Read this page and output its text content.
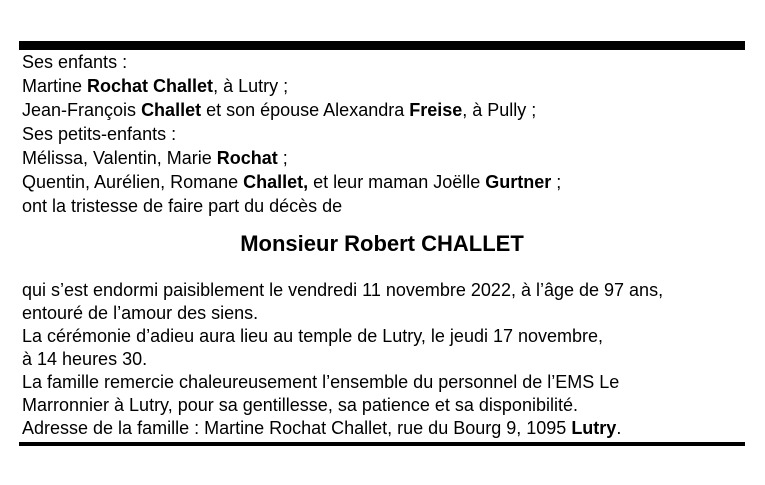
Ses enfants :
Martine Rochat Challet, à Lutry ;
Jean-François Challet et son épouse Alexandra Freise, à Pully ;
Ses petits-enfants :
Mélissa, Valentin, Marie Rochat ;
Quentin, Aurélien, Romane Challet, et leur maman Joëlle Gurtner ;
ont la tristesse de faire part du décès de
Monsieur Robert CHALLET
qui s’est endormi paisiblement le vendredi 11 novembre 2022, à l’âge de 97 ans,
entouré de l’amour des siens.
La cérémonie d’adieu aura lieu au temple de Lutry, le jeudi 17 novembre,
à 14 heures 30.
La famille remercie chaleureusement l’ensemble du personnel de l’EMS Le
Marronnier à Lutry, pour sa gentillesse, sa patience et sa disponibilité.
Adresse de la famille : Martine Rochat Challet, rue du Bourg 9, 1095 Lutry.
